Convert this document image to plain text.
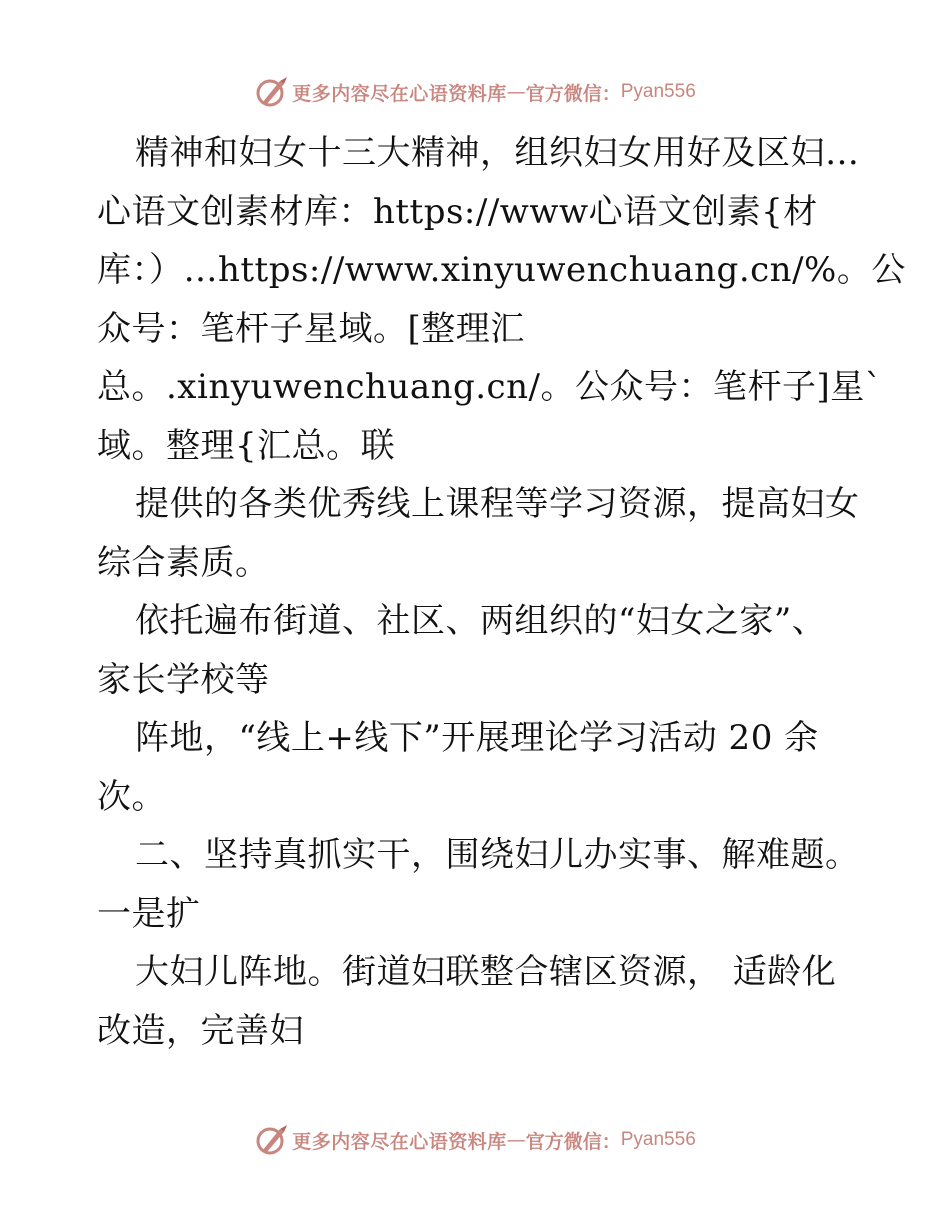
更多内容尽在心语资料库 — 官方微信： Pyan556
精神和妇女十三大精神，组织妇女用好及区妇…
心语文创素材库：https://www心语文创素{材
库：）…https://www.xinyuwenchuang.cn/%。公
众号：笔杆子星域。[整理汇
总。.xinyuwenchuang.cn/。公众号：笔杆子]星`
域。整理{汇总。联
提供的各类优秀线上课程等学习资源，提高妇女
综合素质。
依托遍布街道、社区、两组织的“妇女之家”、
家长学校等
阵地，“线上+线下”开展理论学习活动 20 余
次。
二、坚持真抓实干，围绕妇儿办实事、解难题。
一是扩
大妇儿阵地。街道妇联整合辖区资源， 适龄化
改造，完善妇
更多内容尽在心语资料库 — 官方微信： Pyan556
